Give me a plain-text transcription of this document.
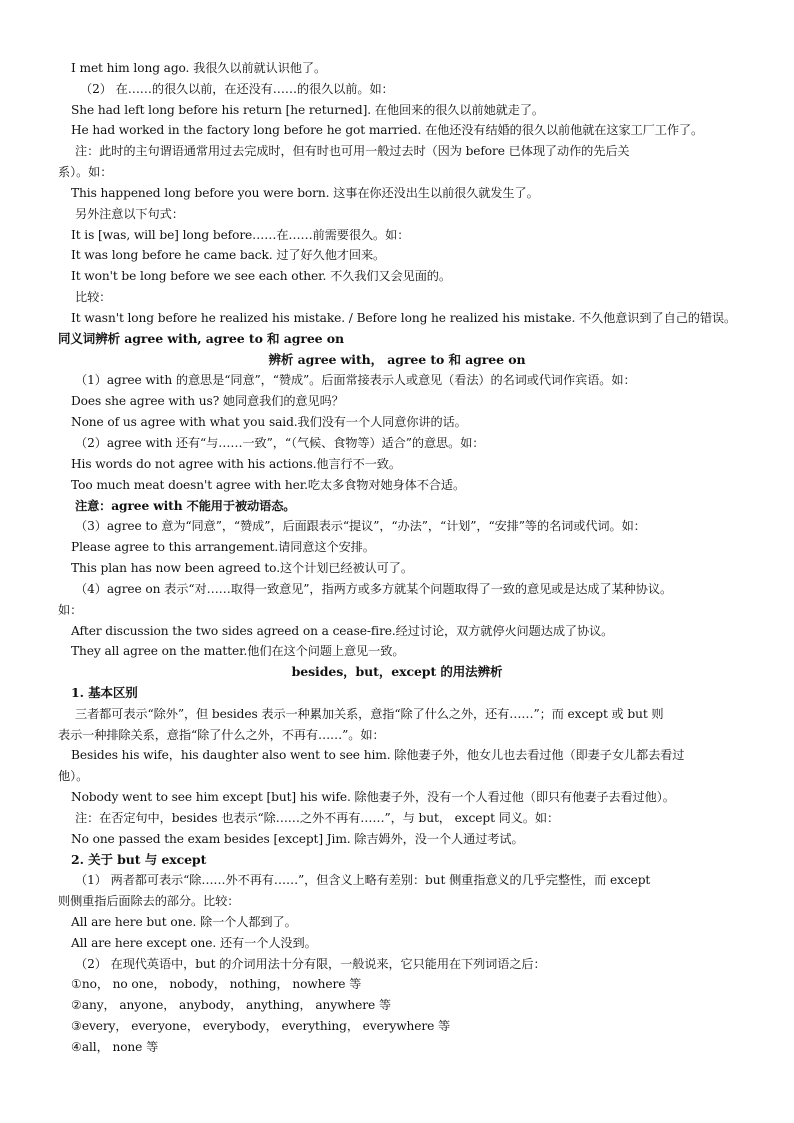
I met him long ago. 我很久以前就认识他了。
（2） 在……的很久以前，在还没有……的很久以前。如：
She had left long before his return [he returned]. 在他回来的很久以前她就走了。
He had worked in the factory long before he got married. 在他还没有结婚的很久以前他就在这家工厂工作了。
注：此时的主句谓语通常用过去完成时，但有时也可用一般过去时（因为 before 已体现了动作的先后关
系）。如：
This happened long before you were born. 这事在你还没出生以前很久就发生了。
另外注意以下句式：
It is [was, will be] long before……在……前需要很久。如：
It was long before he came back. 过了好久他才回来。
It won't be long before we see each other. 不久我们又会见面的。
比较：
It wasn't long before he realized his mistake. / Before long he realized his mistake. 不久他意识到了自己的错误。
同义词辨析 agree with, agree to 和 agree on
辨析 agree with， agree to 和 agree on
（1）agree with 的意思是“同意”，“赞成”。后面常接表示人或意见（看法）的名词或代词作宾语。如：
Does she agree with us? 她同意我们的意见吗？
None of us agree with what you said.我们没有一个人同意你讲的话。
（2）agree with 还有“与……一致”，“（气候、食物等）适合”的意思。如：
His words do not agree with his actions.他言行不一致。
Too much meat doesn't agree with her.吃太多食物对她身体不合适。
注意：agree with 不能用于被动语态。
（3）agree to 意为“同意”，“赞成”，后面跟表示“提议”，“办法”，“计划”，“安排”等的名词或代词。如：
Please agree to this arrangement.请同意这个安排。
This plan has now been agreed to.这个计划已经被认可了。
（4）agree on 表示“对……取得一致意见”，指两方或多方就某个问题取得了一致的意见或是达成了某种协议。
如：
After discussion the two sides agreed on a cease-fire.经过讨论，双方就停火问题达成了协议。
They all agree on the matter.他们在这个问题上意见一致。
besides，but，except 的用法辨析
1. 基本区别
三者都可表示“除外”，但 besides 表示一种累加关系，意指“除了什么之外，还有……”；而 except 或 but 则
表示一种排除关系，意指“除了什么之外，不再有……”。如：
Besides his wife，his daughter also went to see him. 除他妻子外，他女儿也去看过他（即妻子女儿都去看过
他）。
Nobody went to see him except [but] his wife. 除他妻子外，没有一个人看过他（即只有他妻子去看过他）。
注：在否定句中，besides 也表示“除……之外不再有……”，与 but， except 同义。如：
No one passed the exam besides [except] Jim. 除吉姆外，没一个人通过考试。
2. 关于 but 与 except
（1） 两者都可表示“除……外不再有……”，但含义上略有差别：but 侧重指意义的几乎完整性，而 except
则侧重指后面除去的部分。比较：
All are here but one. 除一个人都到了。
All are here except one. 还有一个人没到。
（2） 在现代英语中，but 的介词用法十分有限，一般说来，它只能用在下列词语之后：
①no， no one， nobody， nothing， nowhere 等
②any， anyone， anybody， anything， anywhere 等
③every， everyone， everybody， everything， everywhere 等
④all， none 等
